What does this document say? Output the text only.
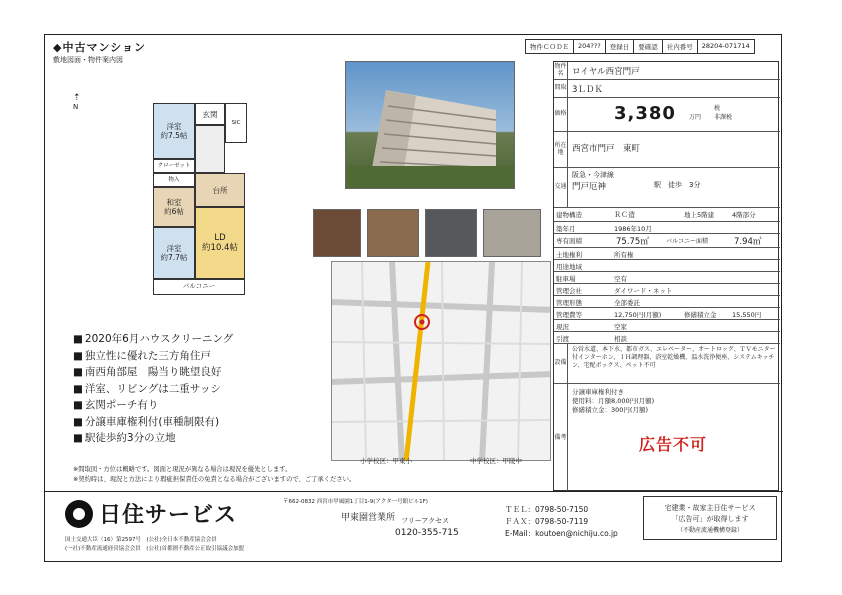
◆中古マンション
敷地図面・物件案内図
物件ＣＯＤＥ	204???	登録日	要確認	社内番号	28204-071714
⇡
N
洋室
約7.5帖
玄関
SIC
クローゼット
物入
和室
約6帖
台所
洋室
約7.7帖
LD
約10.4帖
バルコニー
■ 2020年6月ハウスクリーニング
■ 独立性に優れた三方角住戸
■ 南西角部屋　陽当り眺望良好
■ 洋室、リビングは二重サッシ
■ 玄関ポーチ有り
■ 分譲車庫権利付(車種制限有)
■ 駅徒歩約3分の立地
※間取図・方位は概略です。図面と現況が異なる場合は現況を優先とします。
※契約時は、現況と方法により瑕疵担保責任の免責となる場合がございますので、ご了承ください。
小学校区：甲東小	中学校区：甲陵中
物件名	ロイヤル西宮門戸
間取 3ＬＤＫ
価格	3,380 万円
税
非課税
所在地	西宮市門戸　東町
交通
阪急・今津線
門戸厄神	駅　徒歩　3分
建物構造	ＲＣ造	地上5階建	4階部分
築年月	1986年10月
専有面積	75.75㎡	バルコニー面積	7.94㎡
土地権利	所有権
用途地域
駐車場	空有
管理会社	ダイワード・ネット
管理形態	全部委託
管理費等	12,750円(月額)	修繕積立金 15,550円
現況	空家
引渡	相談
設備
公営水道、本下水、都市ガス、エレベーター、オートロック、ＴＶモニター付インターホン、ＩＨ調理器、浴室乾燥機、温水洗浄便座、システムキッチン、宅配ボックス、ペット不可
備考
分譲車庫権利付き
使用料：月額8,000円(月額)
修繕積立金：300円(月額)
広告不可
日住サービス
国土交通大臣（16）第2597号　(公社)全日本不動産協会会員
(一社)不動産流通経営協会会員　(公社)首都圏不動産公正取引協議会加盟
〒662-0832 西宮市甲風園1丁目1-9(アクタ一号館ビル1F)
甲東園営業所 フリーアクセス
0120-355-715
ＴＥＬ：0798-50-7150
ＦＡＸ：0798-50-7119
E-Mail：koutoen@nichiju.co.jp
宅建業・故家主日住サービス
「広告可」が取得します
（不動産流通機構登録）
